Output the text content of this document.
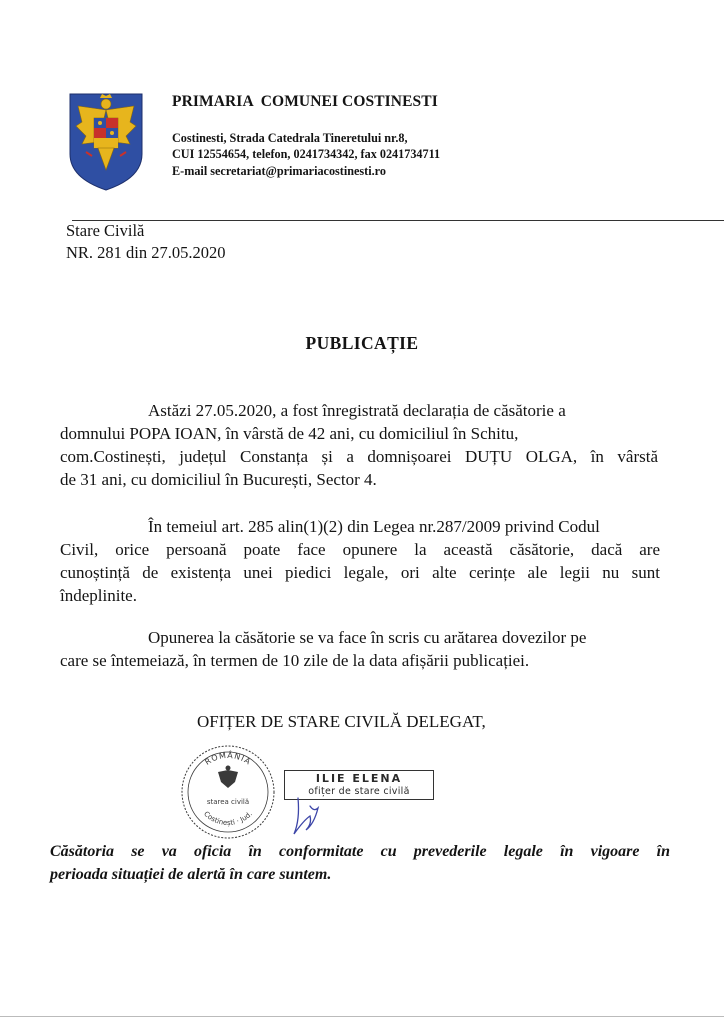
PRIMARIA COMUNEI COSTINESTI
Costinesti, Strada Catedrala Tineretului nr.8,
CUI 12554654, telefon, 0241734342, fax 0241734711
E-mail secretariat@primariacostinesti.ro
Stare Civilă
NR. 281 din 27.05.2020
PUBLICAȚIE
Astăzi 27.05.2020, a fost înregistrată declarația de căsătorie a
domnului POPA IOAN, în vârstă de 42 ani, cu domiciliul în Schitu,
com.Costinești, județul Constanța și a domnișoarei DUȚU OLGA, în vârstă
de 31 ani, cu domiciliul în București, Sector 4.
În temeiul art. 285 alin(1)(2) din Legea nr.287/2009 privind Codul
Civil, orice persoană poate face opunere la această căsătorie, dacă are
cunoștință de existența unei piedici legale, ori alte cerințe ale legii nu sunt
îndeplinite.
Opunerea la căsătorie se va face în scris cu arătarea dovezilor pe
care se întemeiază, în termen de 10 zile de la data afișării publicației.
OFIȚER DE STARE CIVILĂ DELEGAT,
ROMÂNIA
Costinești · Jud.
starea civilă
ILIE ELENA
ofițer de stare civilă
Căsătoria se va oficia în conformitate cu prevederile legale în vigoare în
perioada situației de alertă în care suntem.
